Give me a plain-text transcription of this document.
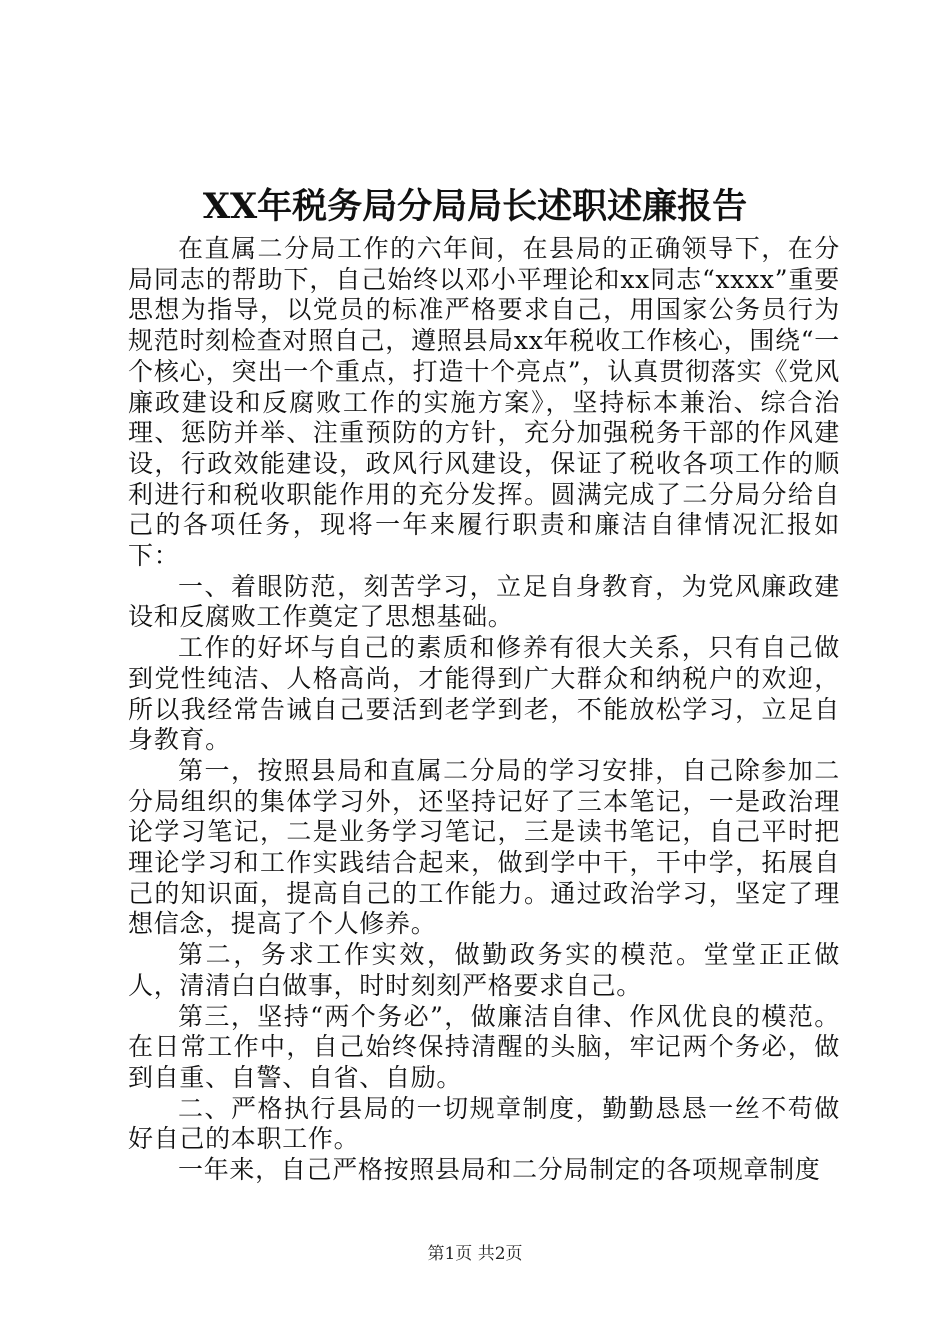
XX年税务局分局局长述职述廉报告

在直属二分局工作的六年间，在县局的正确领导下，在分局同志的帮助下，自己始终以邓小平理论和xx同志“xxxx”重要思想为指导，以党员的标准严格要求自己，用国家公务员行为规范时刻检查对照自己，遵照县局xx年税收工作核心，围绕“一个核心，突出一个重点，打造十个亮点”，认真贯彻落实《党风廉政建设和反腐败工作的实施方案》，坚持标本兼治、综合治理、惩防并举、注重预防的方针，充分加强税务干部的作风建设，行政效能建设，政风行风建设，保证了税收各项工作的顺利进行和税收职能作用的充分发挥。圆满完成了二分局分给自己的各项任务，现将一年来履行职责和廉洁自律情况汇报如下：

一、着眼防范，刻苦学习，立足自身教育，为党风廉政建设和反腐败工作奠定了思想基础。

工作的好坏与自己的素质和修养有很大关系，只有自己做到党性纯洁、人格高尚，才能得到广大群众和纳税户的欢迎，所以我经常告诫自己要活到老学到老，不能放松学习，立足自身教育。

第一，按照县局和直属二分局的学习安排，自己除参加二分局组织的集体学习外，还坚持记好了三本笔记，一是政治理论学习笔记，二是业务学习笔记，三是读书笔记，自己平时把理论学习和工作实践结合起来，做到学中干，干中学，拓展自己的知识面，提高自己的工作能力。通过政治学习，坚定了理想信念，提高了个人修养。

第二，务求工作实效，做勤政务实的模范。堂堂正正做人，清清白白做事，时时刻刻严格要求自己。

第三，坚持“两个务必”，做廉洁自律、作风优良的模范。在日常工作中，自己始终保持清醒的头脑，牢记两个务必，做到自重、自警、自省、自励。

二、严格执行县局的一切规章制度，勤勤恳恳一丝不苟做好自己的本职工作。

一年来，自己严格按照县局和二分局制定的各项规章制度

第1页 共2页
